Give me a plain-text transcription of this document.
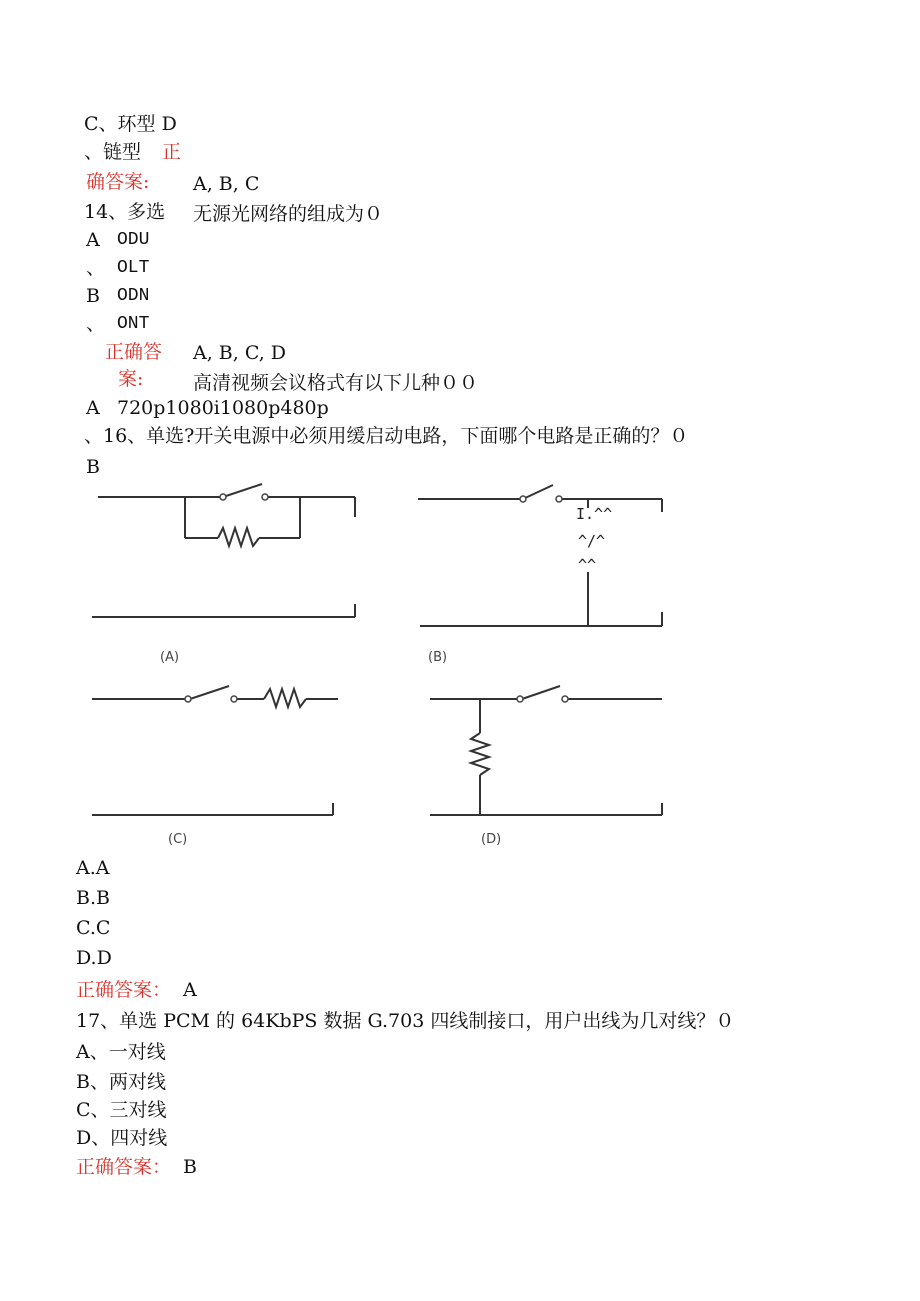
C、环型 D
、链型 正
确答案: A, B, C
14、多选 无源光网络的组成为０
A ODU
、 OLT
B ODN
、 ONT
正确答 A, B, C, D
案:	高清视频会议格式有以下儿种００
A 720p1080i1080p480p
、16、单选?开关电源中必须用缓启动电路，下面哪个电路是正确的？０
B
I.^^
^/^
^^
(A)	(B)
(C)	(D)
A.A
B.B
C.C
D.D
正确答案： A
17、单选 PCM 的 64KbPS 数据 G.703 四线制接口，用户出线为几对线？０
A、一对线
B、两对线
C、三对线
D、四对线
正确答案： B
